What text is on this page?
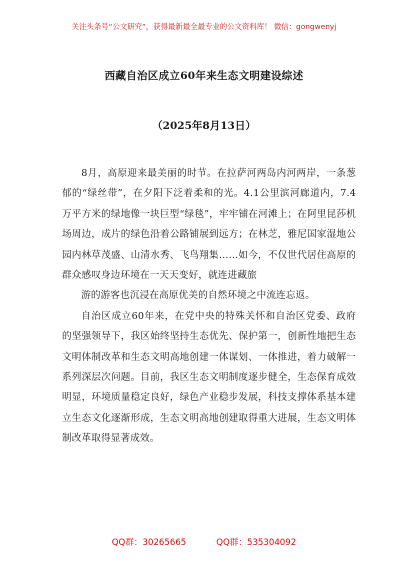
关注头条号“公文研究”，获得最新最全最专业的公文资料库！ 微信：gongwenyj
西藏自治区成立60年来生态文明建设综述
（2025年8月13日）

8月，高原迎来最美丽的时节。在拉萨河两岛内河两岸，一条葱郁的“绿丝带”，在夕阳下泛着柔和的光。4.1公里滨河廊道内，7.4万平方米的绿地像一块巨型“绿毯”，牢牢铺在河滩上；在阿里昆莎机场周边，成片的绿色沿着公路铺展到远方；在林芝，雅尼国家湿地公园内林草茂盛、山清水秀、飞鸟翔集……如今，不仅世代居住高原的群众感叹身边环境在一天天变好，就连进藏旅

游的游客也沉浸在高原优美的自然环境之中流连忘返。

自治区成立60年来，在党中央的特殊关怀和自治区党委、政府的坚强领导下，我区始终坚持生态优先、保护第一，创新性地把生态文明体制改革和生态文明高地创建一体谋划、一体推进，着力破解一系列深层次问题。目前，我区生态文明制度逐步健全，生态保育成效明显，环境质量稳定良好，绿色产业稳步发展，科技支撑体系基本建立生态文化逐渐形成，生态文明高地创建取得重大进展，生态文明体制改革取得显著成效。

QQ群：30265665	QQ群：535304092
